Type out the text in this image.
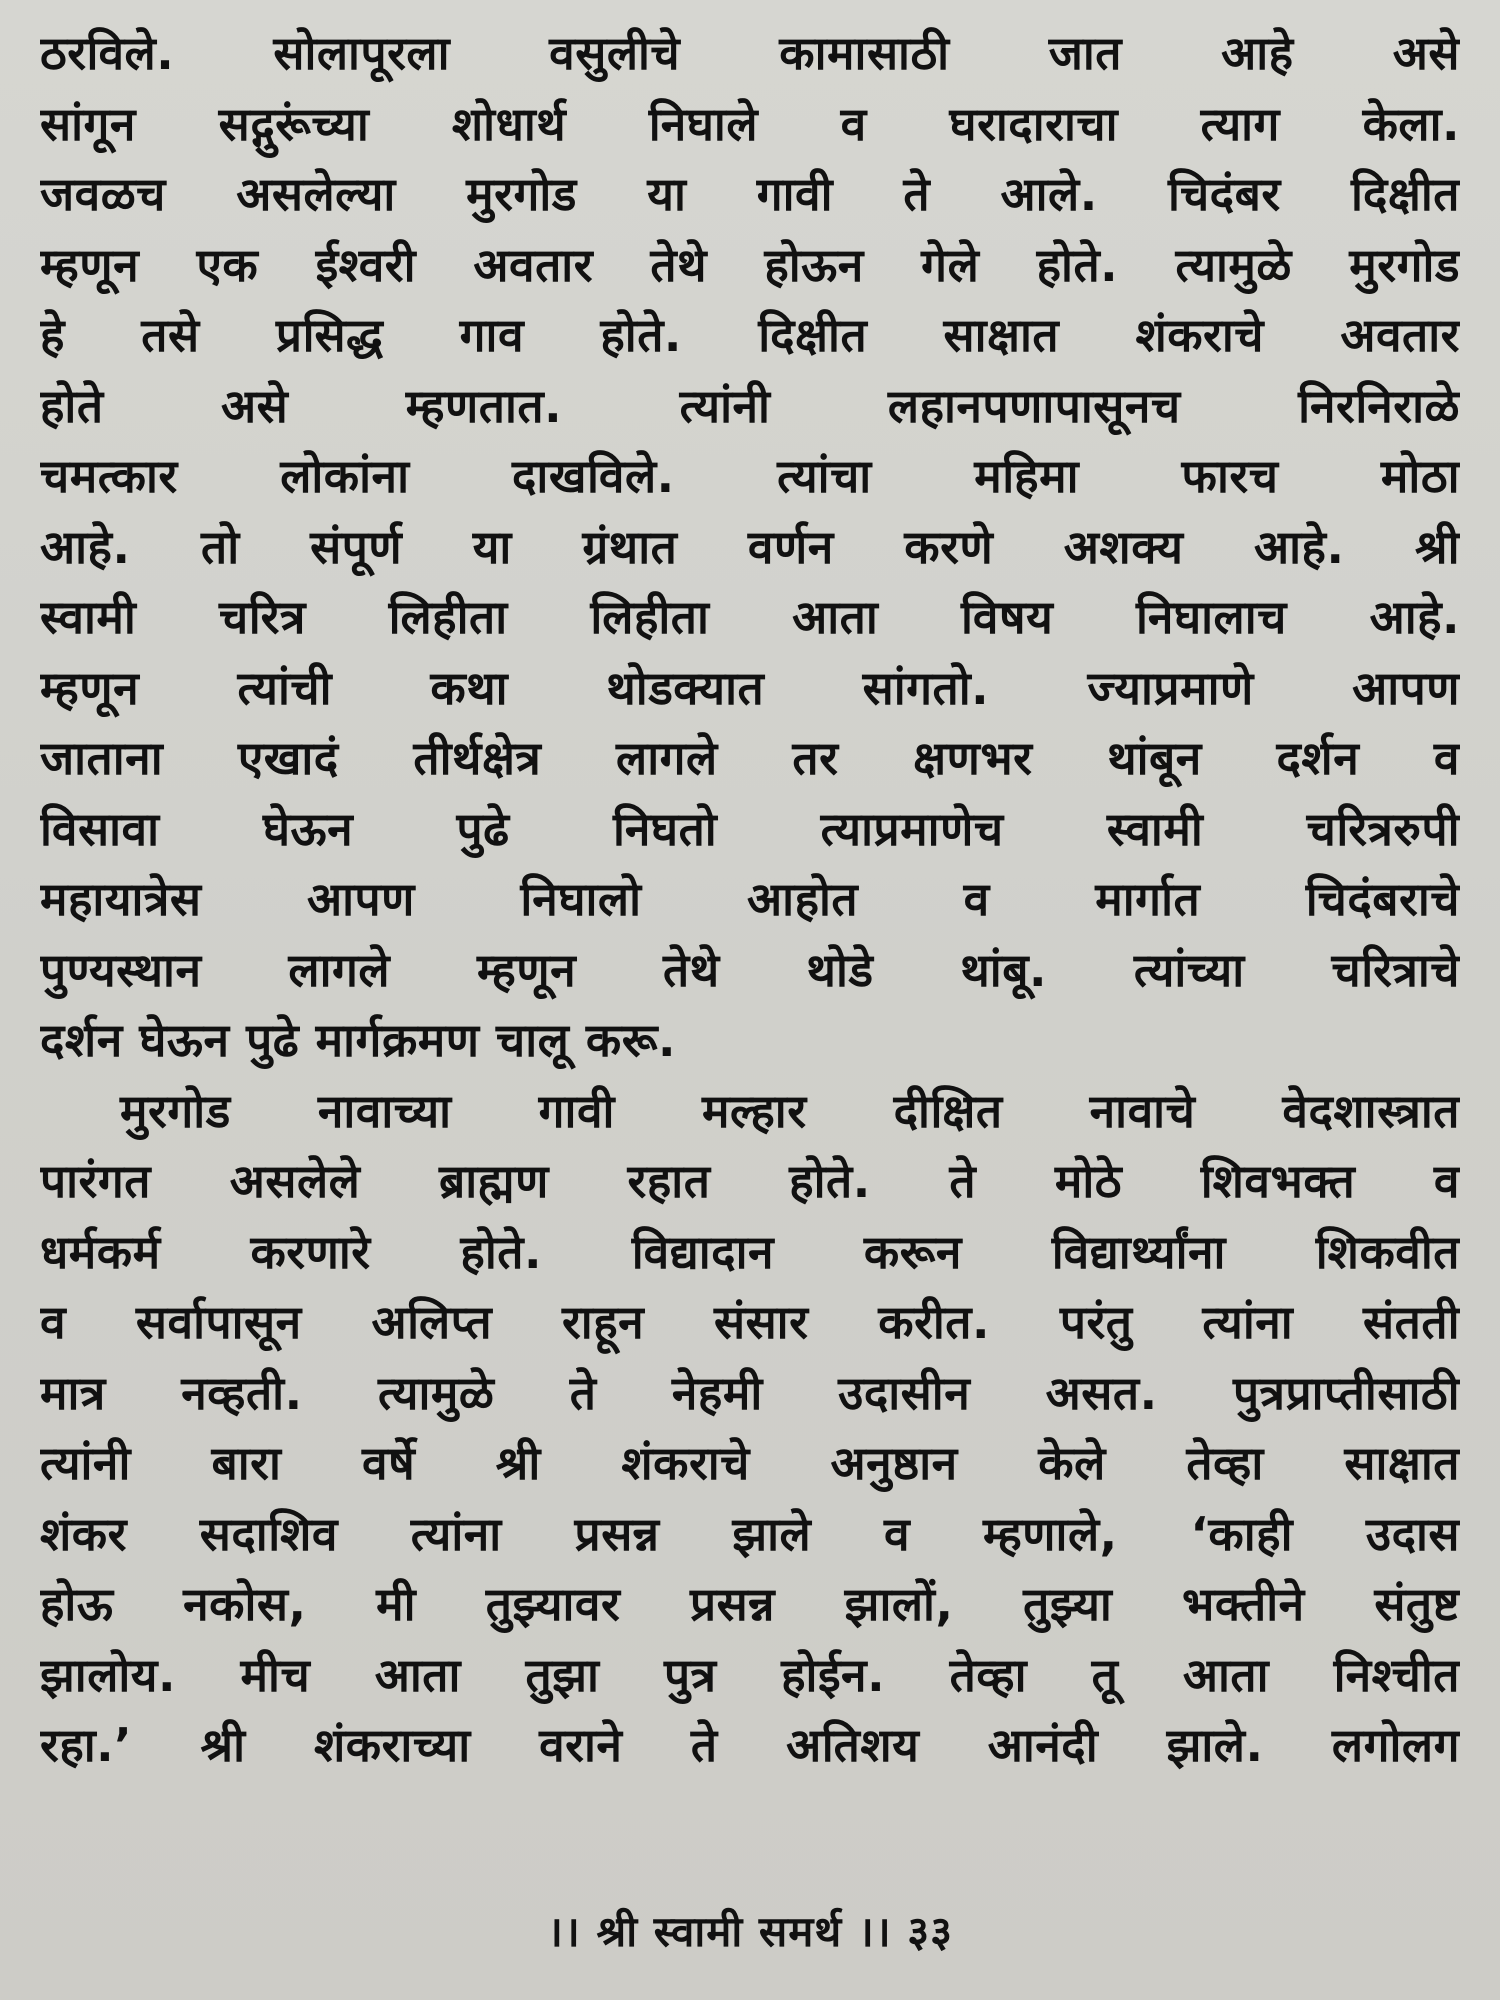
ठरविले. सोलापूरला वसुलीचे कामासाठी जात आहे असे
सांगून सद्गुरूंच्या शोधार्थ निघाले व घरादाराचा त्याग केला.
जवळच असलेल्या मुरगोड या गावी ते आले. चिदंबर दिक्षीत
म्हणून एक ईश्वरी अवतार तेथे होऊन गेले होते. त्यामुळे मुरगोड
हे तसे प्रसिद्ध गाव होते. दिक्षीत साक्षात शंकराचे अवतार
होते असे म्हणतात. त्यांनी लहानपणापासूनच निरनिराळे
चमत्कार लोकांना दाखविले. त्यांचा महिमा फारच मोठा
आहे. तो संपूर्ण या ग्रंथात वर्णन करणे अशक्य आहे. श्री
स्वामी चरित्र लिहीता लिहीता आता विषय निघालाच आहे.
म्हणून त्यांची कथा थोडक्यात सांगतो. ज्याप्रमाणे आपण
जाताना एखादं तीर्थक्षेत्र लागले तर क्षणभर थांबून दर्शन व
विसावा घेऊन पुढे निघतो त्याप्रमाणेच स्वामी चरित्ररुपी
महायात्रेस आपण निघालो आहोत व मार्गात चिदंबराचे
पुण्यस्थान लागले म्हणून तेथे थोडे थांबू. त्यांच्या चरित्राचे
दर्शन घेऊन पुढे मार्गक्रमण चालू करू.
मुरगोड नावाच्या गावी मल्हार दीक्षित नावाचे वेदशास्त्रात
पारंगत असलेले ब्राह्मण रहात होते. ते मोठे शिवभक्त व
धर्मकर्म करणारे होते. विद्यादान करून विद्यार्थ्यांना शिकवीत
व सर्वापासून अलिप्त राहून संसार करीत. परंतु त्यांना संतती
मात्र नव्हती. त्यामुळे ते नेहमी उदासीन असत. पुत्रप्राप्तीसाठी
त्यांनी बारा वर्षे श्री शंकराचे अनुष्ठान केले तेव्हा साक्षात
शंकर सदाशिव त्यांना प्रसन्न झाले व म्हणाले, ‘काही उदास
होऊ नकोस, मी तुझ्यावर प्रसन्न झालों, तुझ्या भक्तीने संतुष्ट
झालोय. मीच आता तुझा पुत्र होईन. तेव्हा तू आता निश्चीत
रहा.’ श्री शंकराच्या वराने ते अतिशय आनंदी झाले. लगोलग
।। श्री स्वामी समर्थ ।। ३३
